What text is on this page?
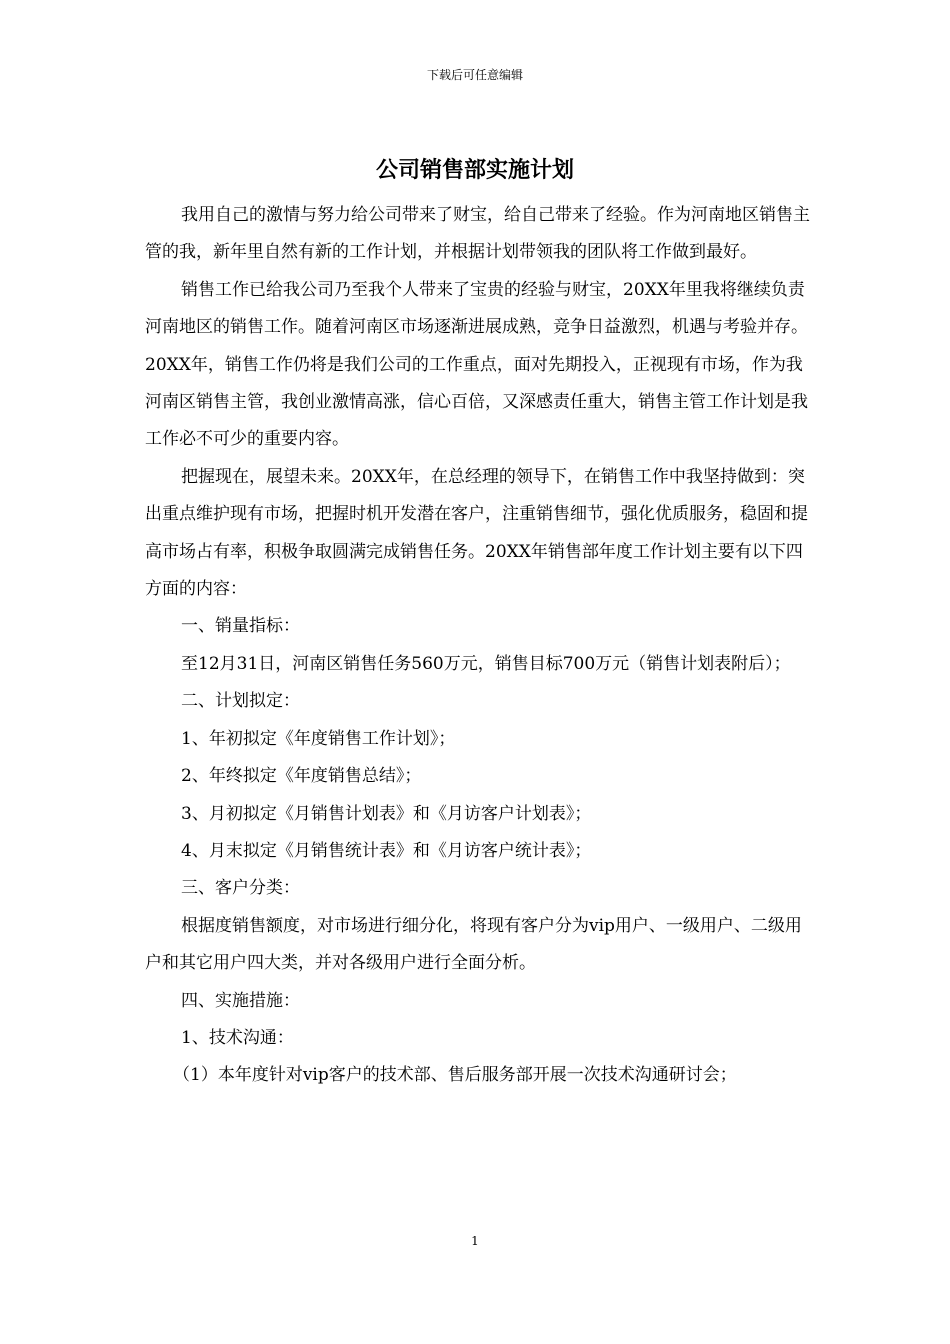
下载后可任意编辑
公司销售部实施计划

我用自己的激情与努力给公司带来了财宝，给自己带来了经验。作为河南地区销售主管的我，新年里自然有新的工作计划，并根据计划带领我的团队将工作做到最好。

销售工作已给我公司乃至我个人带来了宝贵的经验与财宝，20XX年里我将继续负责河南地区的销售工作。随着河南区市场逐渐进展成熟，竞争日益激烈，机遇与考验并存。20XX年，销售工作仍将是我们公司的工作重点，面对先期投入，正视现有市场，作为我河南区销售主管，我创业激情高涨，信心百倍，又深感责任重大，销售主管工作计划是我工作必不可少的重要内容。

把握现在，展望未来。20XX年，在总经理的领导下，在销售工作中我坚持做到：突出重点维护现有市场，把握时机开发潜在客户，注重销售细节，强化优质服务，稳固和提高市场占有率，积极争取圆满完成销售任务。20XX年销售部年度工作计划主要有以下四方面的内容：

一、销量指标：

至12月31日，河南区销售任务560万元，销售目标700万元（销售计划表附后）；

二、计划拟定：

1、年初拟定《年度销售工作计划》；

2、年终拟定《年度销售总结》；

3、月初拟定《月销售计划表》和《月访客户计划表》；

4、月末拟定《月销售统计表》和《月访客户统计表》；

三、客户分类：

根据度销售额度，对市场进行细分化，将现有客户分为vip用户、一级用户、二级用户和其它用户四大类，并对各级用户进行全面分析。

四、实施措施：

1、技术沟通：

（1）本年度针对vip客户的技术部、售后服务部开展一次技术沟通研讨会；

1
